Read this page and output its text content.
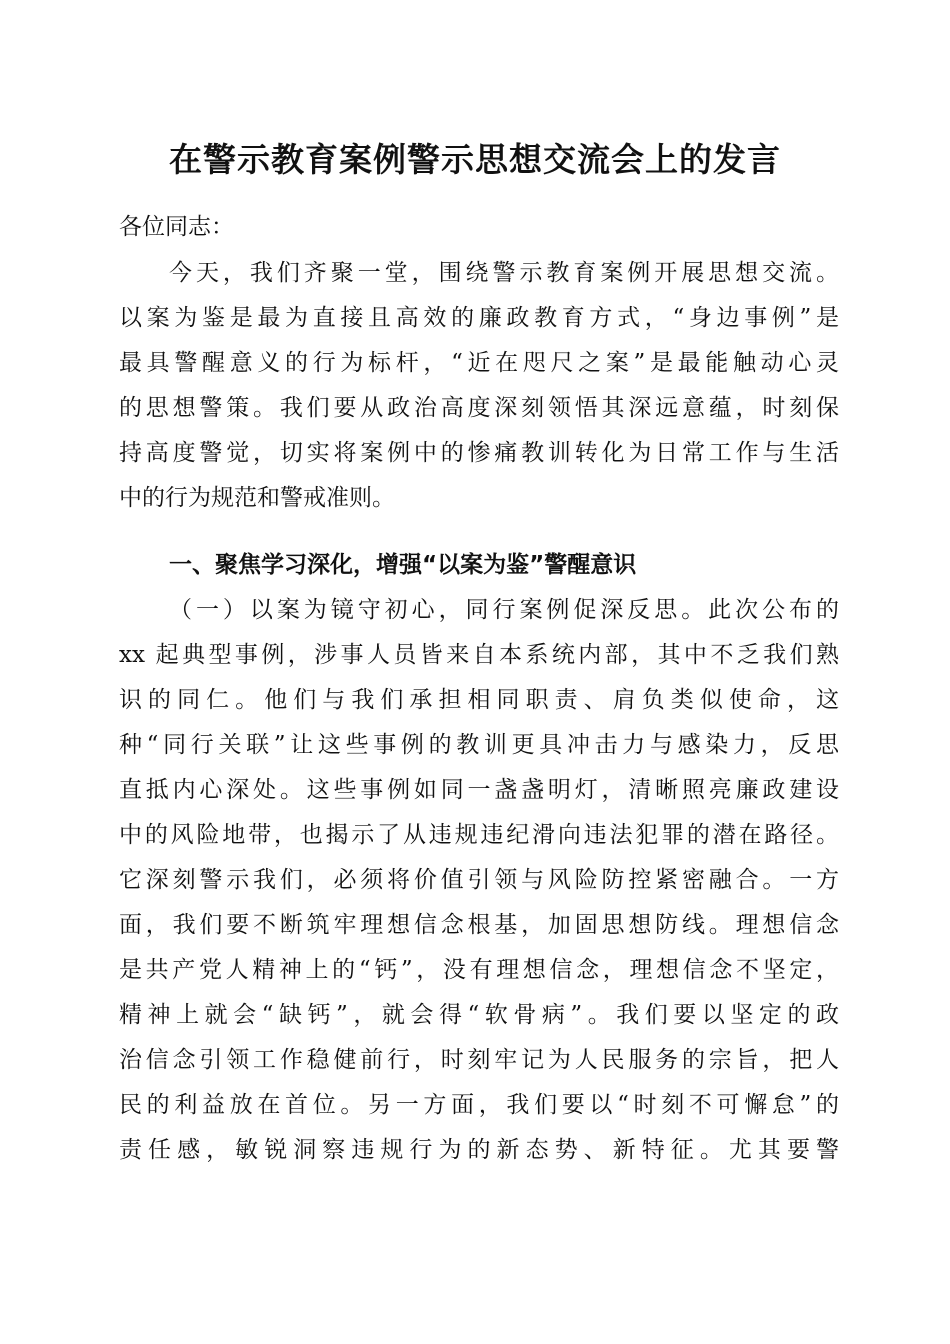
在警示教育案例警示思想交流会上的发言
各位同志：
今天，我们齐聚一堂，围绕警示教育案例开展思想交流。
以案为鉴是最为直接且高效的廉政教育方式，“身边事例”是
最具警醒意义的行为标杆，“近在咫尺之案”是最能触动心灵
的思想警策。我们要从政治高度深刻领悟其深远意蕴，时刻保
持高度警觉，切实将案例中的惨痛教训转化为日常工作与生活
中的行为规范和警戒准则。
一、聚焦学习深化，增强“以案为鉴”警醒意识
（一）以案为镜守初心，同行案例促深反思。此次公布的
xx 起典型事例，涉事人员皆来自本系统内部，其中不乏我们熟
识的同仁。他们与我们承担相同职责、肩负类似使命，这
种“同行关联”让这些事例的教训更具冲击力与感染力，反思
直抵内心深处。这些事例如同一盏盏明灯，清晰照亮廉政建设
中的风险地带，也揭示了从违规违纪滑向违法犯罪的潜在路径。
它深刻警示我们，必须将价值引领与风险防控紧密融合。一方
面，我们要不断筑牢理想信念根基，加固思想防线。理想信念
是共产党人精神上的“钙”，没有理想信念，理想信念不坚定，
精神上就会“缺钙”，就会得“软骨病”。我们要以坚定的政
治信念引领工作稳健前行，时刻牢记为人民服务的宗旨，把人
民的利益放在首位。另一方面，我们要以“时刻不可懈怠”的
责任感，敏锐洞察违规行为的新态势、新特征。尤其要警
